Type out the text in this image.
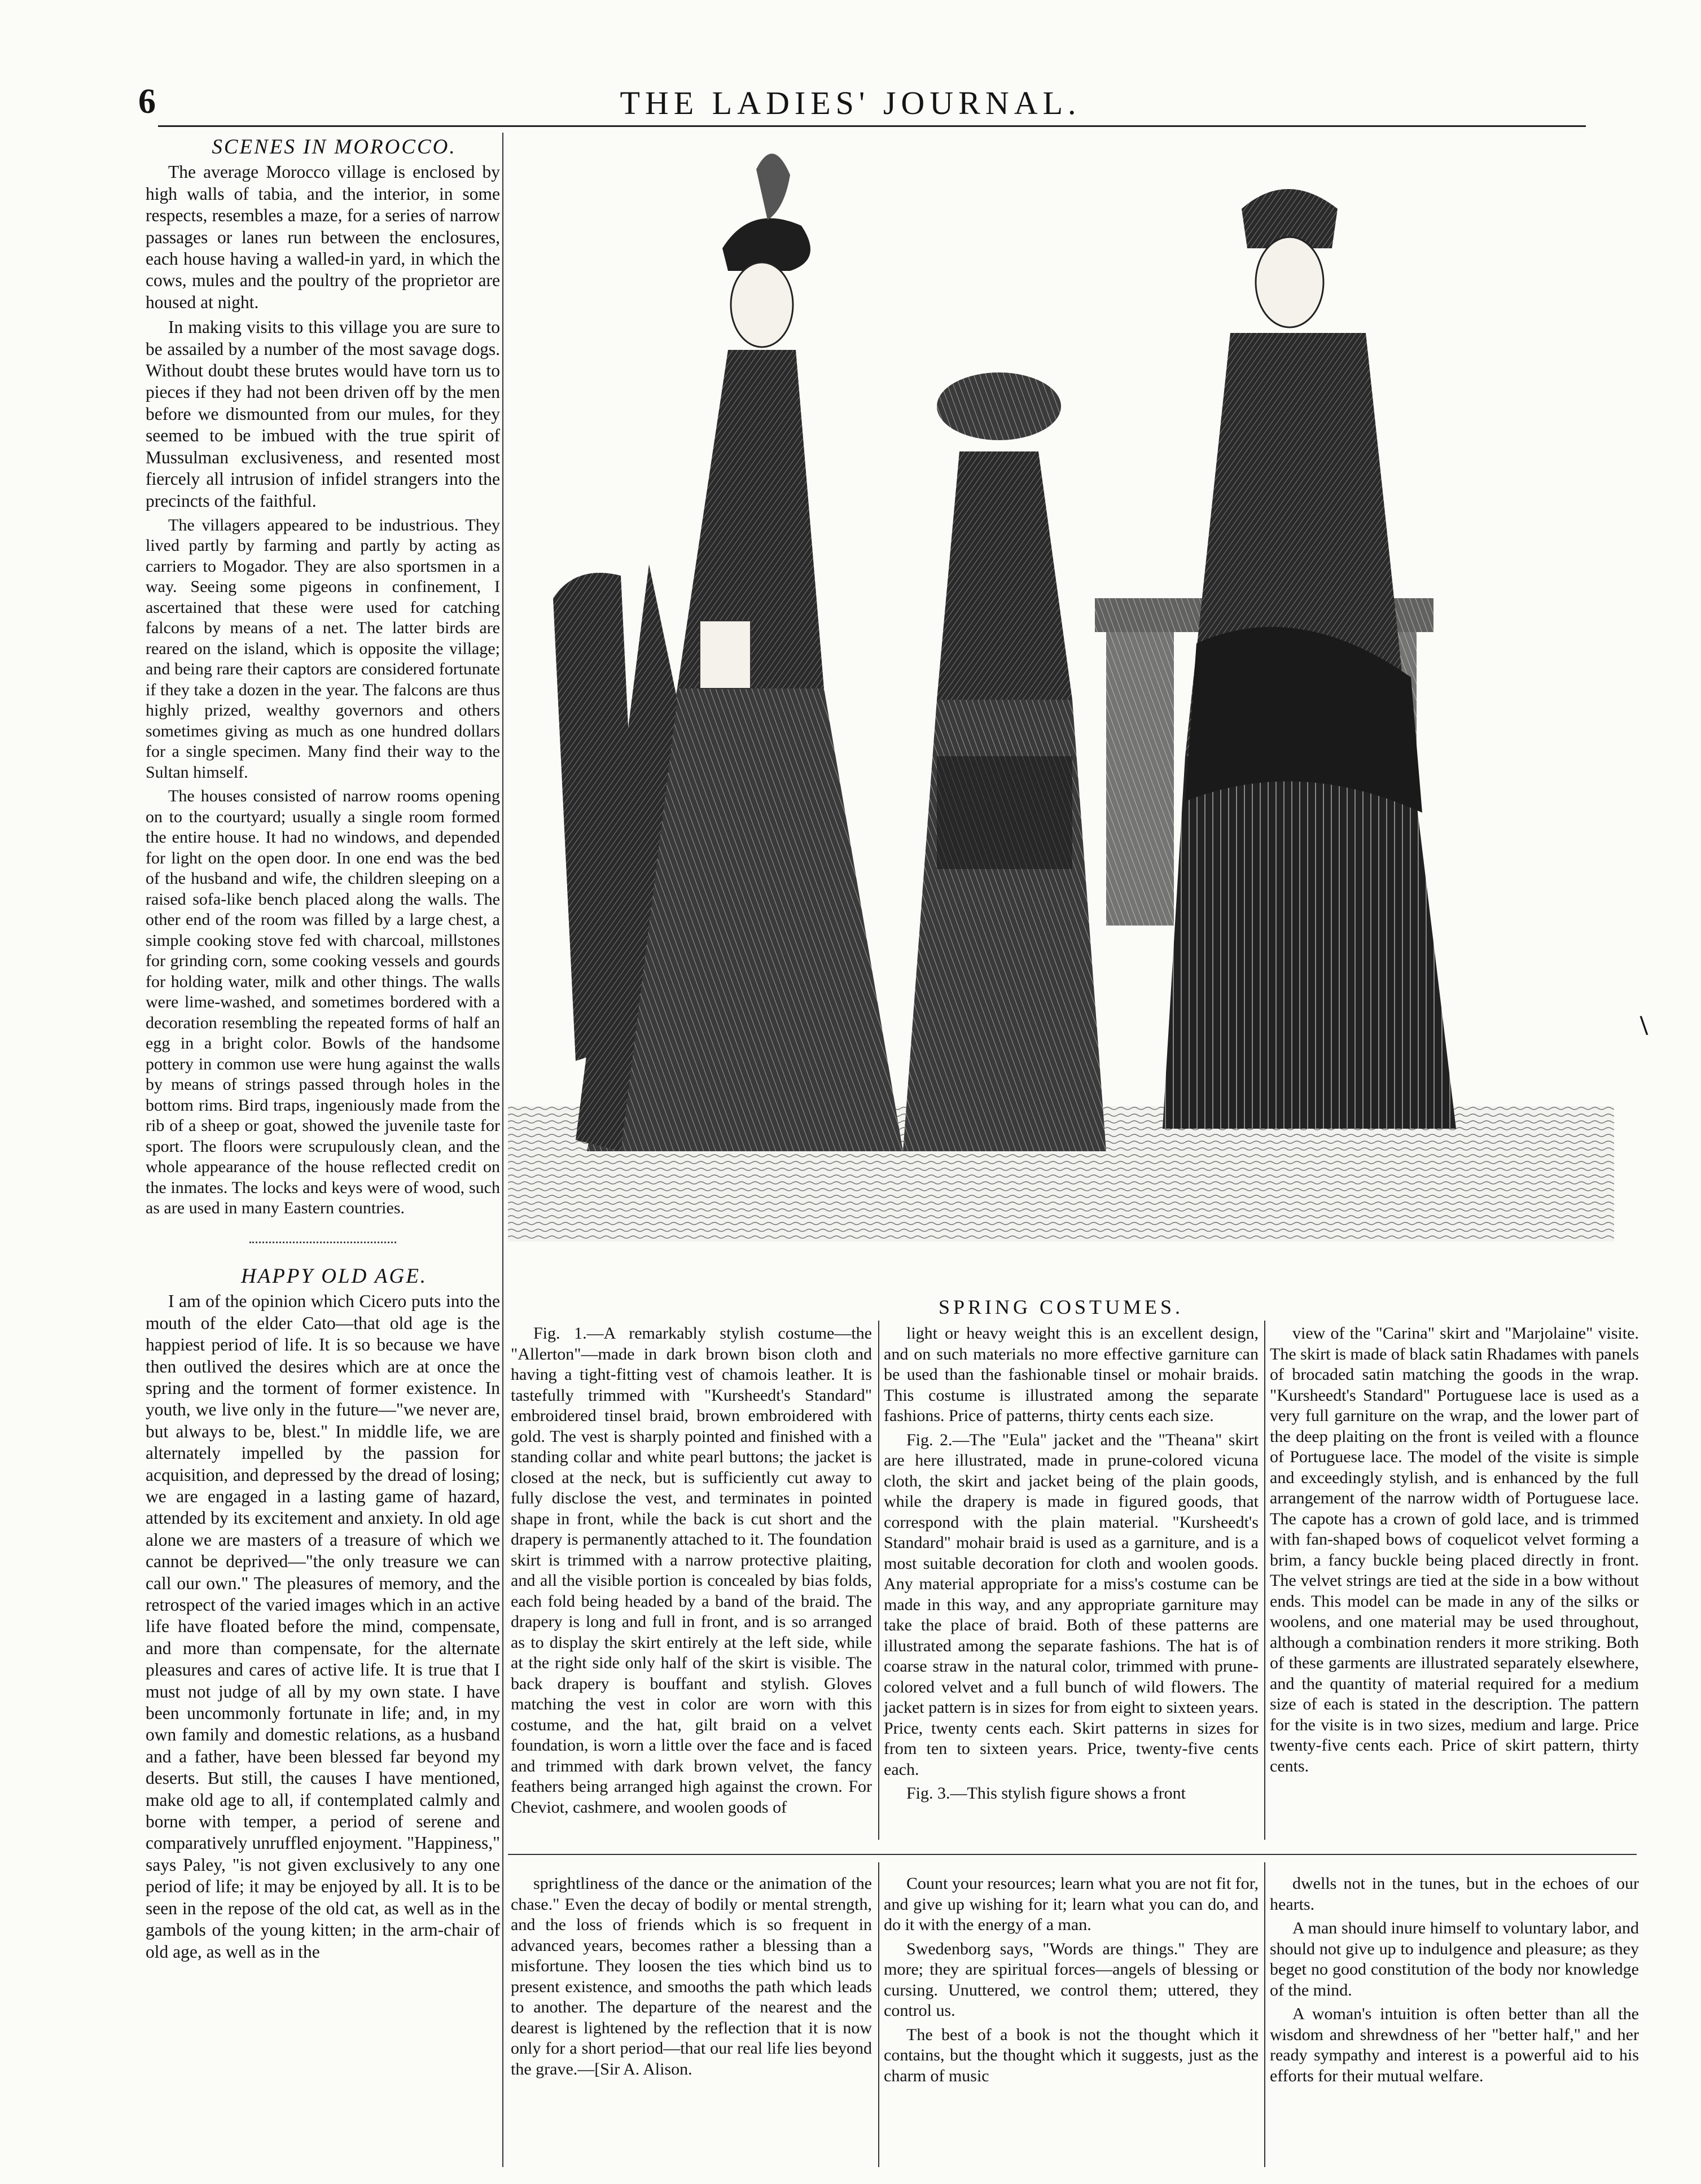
6	THE LADIES' JOURNAL.

SCENES IN MOROCCO.

The average Morocco village is enclosed by high walls of tabia, and the interior, in some respects, resembles a maze, for a series of narrow passages or lanes run between the enclosures, each house having a walled-in yard, in which the cows, mules and the poultry of the proprietor are housed at night.

In making visits to this village you are sure to be assailed by a number of the most savage dogs. Without doubt these brutes would have torn us to pieces if they had not been driven off by the men before we dismounted from our mules, for they seemed to be imbued with the true spirit of Mussulman exclusiveness, and resented most fiercely all intrusion of infidel strangers into the precincts of the faithful.

The villagers appeared to be industrious. They lived partly by farming and partly by acting as carriers to Mogador. They are also sportsmen in a way. Seeing some pigeons in confinement, I ascertained that these were used for catching falcons by means of a net. The latter birds are reared on the island, which is opposite the village; and being rare their captors are considered fortunate if they take a dozen in the year. The falcons are thus highly prized, wealthy governors and others sometimes giving as much as one hundred dollars for a single specimen. Many find their way to the Sultan himself.

The houses consisted of narrow rooms opening on to the courtyard; usually a single room formed the entire house. It had no windows, and depended for light on the open door. In one end was the bed of the husband and wife, the children sleeping on a raised sofa-like bench placed along the walls. The other end of the room was filled by a large chest, a simple cooking stove fed with charcoal, millstones for grinding corn, some cooking vessels and gourds for holding water, milk and other things. The walls were lime-washed, and sometimes bordered with a decoration resembling the repeated forms of half an egg in a bright color. Bowls of the handsome pottery in common use were hung against the walls by means of strings passed through holes in the bottom rims. Bird traps, ingeniously made from the rib of a sheep or goat, showed the juvenile taste for sport. The floors were scrupulously clean, and the whole appearance of the house reflected credit on the inmates. The locks and keys were of wood, such as are used in many Eastern countries.

HAPPY OLD AGE.

I am of the opinion which Cicero puts into the mouth of the elder Cato—that old age is the happiest period of life. It is so because we have then outlived the desires which are at once the spring and the torment of former existence. In youth, we live only in the future—"we never are, but always to be, blest." In middle life, we are alternately impelled by the passion for acquisition, and depressed by the dread of losing; we are engaged in a lasting game of hazard, attended by its excitement and anxiety. In old age alone we are masters of a treasure of which we cannot be deprived—"the only treasure we can call our own." The pleasures of memory, and the retrospect of the varied images which in an active life have floated before the mind, compensate, and more than compensate, for the alternate pleasures and cares of active life. It is true that I must not judge of all by my own state. I have been uncommonly fortunate in life; and, in my own family and domestic relations, as a husband and a father, have been blessed far beyond my deserts. But still, the causes I have mentioned, make old age to all, if contemplated calmly and borne with temper, a period of serene and comparatively unruffled enjoyment. "Happiness," says Paley, "is not given exclusively to any one period of life; it may be enjoyed by all. It is to be seen in the repose of the old cat, as well as in the gambols of the young kitten; in the arm-chair of old age, as well as in the

SPRING COSTUMES.

Fig. 1.—A remarkably stylish costume—the "Allerton"—made in dark brown bison cloth and having a tight-fitting vest of chamois leather. It is tastefully trimmed with "Kursheedt's Standard" embroidered tinsel braid, brown embroidered with gold. The vest is sharply pointed and finished with a standing collar and white pearl buttons; the jacket is closed at the neck, but is sufficiently cut away to fully disclose the vest, and terminates in pointed shape in front, while the back is cut short and the drapery is permanently attached to it. The foundation skirt is trimmed with a narrow protective plaiting, and all the visible portion is concealed by bias folds, each fold being headed by a band of the braid. The drapery is long and full in front, and is so arranged as to display the skirt entirely at the left side, while at the right side only half of the skirt is visible. The back drapery is bouffant and stylish. Gloves matching the vest in color are worn with this costume, and the hat, gilt braid on a velvet foundation, is worn a little over the face and is faced and trimmed with dark brown velvet, the fancy feathers being arranged high against the crown. For Cheviot, cashmere, and woolen goods of

light or heavy weight this is an excellent design, and on such materials no more effective garniture can be used than the fashionable tinsel or mohair braids. This costume is illustrated among the separate fashions. Price of patterns, thirty cents each size.

Fig. 2.—The "Eula" jacket and the "Theana" skirt are here illustrated, made in prune-colored vicuna cloth, the skirt and jacket being of the plain goods, while the drapery is made in figured goods, that correspond with the plain material. "Kursheedt's Standard" mohair braid is used as a garniture, and is a most suitable decoration for cloth and woolen goods. Any material appropriate for a miss's costume can be made in this way, and any appropriate garniture may take the place of braid. Both of these patterns are illustrated among the separate fashions. The hat is of coarse straw in the natural color, trimmed with prune-colored velvet and a full bunch of wild flowers. The jacket pattern is in sizes for from eight to sixteen years. Price, twenty cents each. Skirt patterns in sizes for from ten to sixteen years. Price, twenty-five cents each.

Fig. 3.—This stylish figure shows a front

view of the "Carina" skirt and "Marjolaine" visite. The skirt is made of black satin Rhadames with panels of brocaded satin matching the goods in the wrap. "Kursheedt's Standard" Portuguese lace is used as a very full garniture on the wrap, and the lower part of the deep plaiting on the front is veiled with a flounce of Portuguese lace. The model of the visite is simple and exceedingly stylish, and is enhanced by the full arrangement of the narrow width of Portuguese lace. The capote has a crown of gold lace, and is trimmed with fan-shaped bows of coquelicot velvet forming a brim, a fancy buckle being placed directly in front. The velvet strings are tied at the side in a bow without ends. This model can be made in any of the silks or woolens, and one material may be used throughout, although a combination renders it more striking. Both of these garments are illustrated separately elsewhere, and the quantity of material required for a medium size of each is stated in the description. The pattern for the visite is in two sizes, medium and large. Price twenty-five cents each. Price of skirt pattern, thirty cents.

sprightliness of the dance or the animation of the chase." Even the decay of bodily or mental strength, and the loss of friends which is so frequent in advanced years, becomes rather a blessing than a misfortune. They loosen the ties which bind us to present existence, and smooths the path which leads to another. The departure of the nearest and the dearest is lightened by the reflection that it is now only for a short period—that our real life lies beyond the grave.—[Sir A. Alison.

Count your resources; learn what you are not fit for, and give up wishing for it; learn what you can do, and do it with the energy of a man.

Swedenborg says, "Words are things." They are more; they are spiritual forces—angels of blessing or cursing. Unuttered, we control them; uttered, they control us.

The best of a book is not the thought which it contains, but the thought which it suggests, just as the charm of music

dwells not in the tunes, but in the echoes of our hearts.

A man should inure himself to voluntary labor, and should not give up to indulgence and pleasure; as they beget no good constitution of the body nor knowledge of the mind.

A woman's intuition is often better than all the wisdom and shrewdness of her "better half," and her ready sympathy and interest is a powerful aid to his efforts for their mutual welfare.

\
